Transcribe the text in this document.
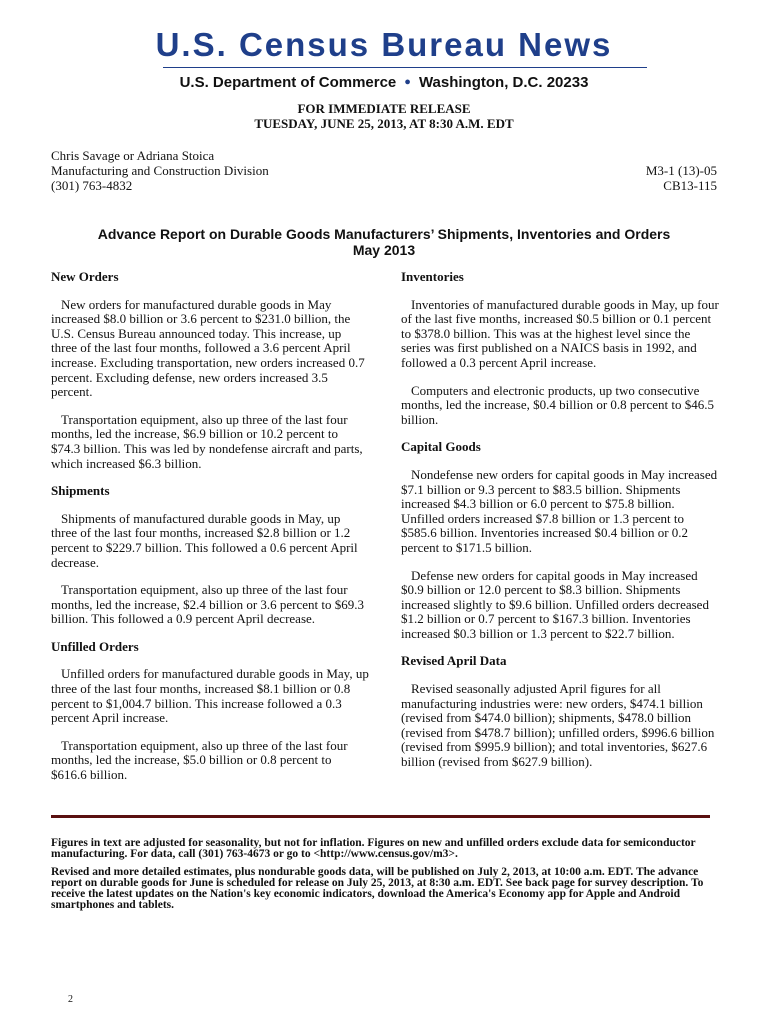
U.S. Census Bureau News
U.S. Department of Commerce ● Washington, D.C. 20233
FOR IMMEDIATE RELEASE
TUESDAY, JUNE 25, 2013, AT 8:30 A.M. EDT
Chris Savage or Adriana Stoica
Manufacturing and Construction Division
(301) 763-4832
M3-1 (13)-05
CB13-115
Advance Report on Durable Goods Manufacturers’ Shipments, Inventories and Orders
May 2013
New Orders

New orders for manufactured durable goods in May increased $8.0 billion or 3.6 percent to $231.0 billion, the U.S. Census Bureau announced today. This increase, up three of the last four months, followed a 3.6 percent April increase. Excluding transportation, new orders increased 0.7 percent. Excluding defense, new orders increased 3.5 percent.

Transportation equipment, also up three of the last four months, led the increase, $6.9 billion or 10.2 percent to $74.3 billion. This was led by nondefense aircraft and parts, which increased $6.3 billion.

Shipments

Shipments of manufactured durable goods in May, up three of the last four months, increased $2.8 billion or 1.2 percent to $229.7 billion. This followed a 0.6 percent April decrease.

Transportation equipment, also up three of the last four months, led the increase, $2.4 billion or 3.6 percent to $69.3 billion. This followed a 0.9 percent April decrease.

Unfilled Orders

Unfilled orders for manufactured durable goods in May, up three of the last four months, increased $8.1 billion or 0.8 percent to $1,004.7 billion. This increase followed a 0.3 percent April increase.

Transportation equipment, also up three of the last four months, led the increase, $5.0 billion or 0.8 percent to $616.6 billion.

Inventories

Inventories of manufactured durable goods in May, up four of the last five months, increased $0.5 billion or 0.1 percent to $378.0 billion. This was at the highest level since the series was first published on a NAICS basis in 1992, and followed a 0.3 percent April increase.

Computers and electronic products, up two consecutive months, led the increase, $0.4 billion or 0.8 percent to $46.5 billion.

Capital Goods

Nondefense new orders for capital goods in May increased $7.1 billion or 9.3 percent to $83.5 billion. Shipments increased $4.3 billion or 6.0 percent to $75.8 billion. Unfilled orders increased $7.8 billion or 1.3 percent to $585.6 billion. Inventories increased $0.4 billion or 0.2 percent to $171.5 billion.

Defense new orders for capital goods in May increased $0.9 billion or 12.0 percent to $8.3 billion. Shipments increased slightly to $9.6 billion. Unfilled orders decreased $1.2 billion or 0.7 percent to $167.3 billion. Inventories increased $0.3 billion or 1.3 percent to $22.7 billion.

Revised April Data

Revised seasonally adjusted April figures for all manufacturing industries were: new orders, $474.1 billion (revised from $474.0 billion); shipments, $478.0 billion (revised from $478.7 billion); unfilled orders, $996.6 billion (revised from $995.9 billion); and total inventories, $627.6 billion (revised from $627.9 billion).

Figures in text are adjusted for seasonality, but not for inflation. Figures on new and unfilled orders exclude data for semiconductor manufacturing. For data, call (301) 763-4673 or go to <http://www.census.gov/m3>.
Revised and more detailed estimates, plus nondurable goods data, will be published on July 2, 2013, at 10:00 a.m. EDT. The advance report on durable goods for June is scheduled for release on July 25, 2013, at 8:30 a.m. EDT. See back page for survey description. To receive the latest updates on the Nation's key economic indicators, download the America's Economy app for Apple and Android smartphones and tablets.
2
